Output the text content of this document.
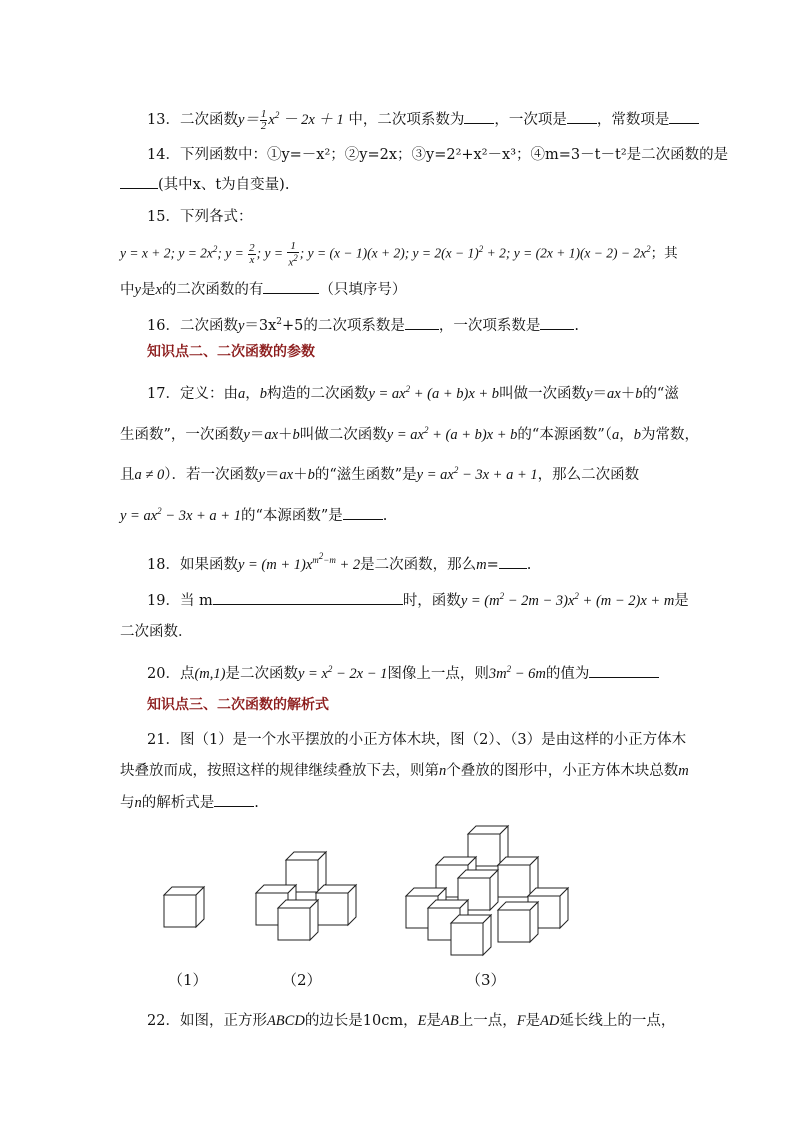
13．二次函数$y= \frac{1}{2} x^2 - 2x + 1$ 中，二次项系数为 ，一次项是 ，常数项是
14．下列函数中：①y=－x²；②y=2x；③y=2²+x²－x³；④m=3－t－t²是二次函数的是
(其中x、t为自变量).
15．下列各式：
y = x + 2; $y = 2x^2$; $y = \frac{2}{x}$ ; $y = \frac{1}{x^2}$ ; y = (x − 1)(x + 2); $y = 2(x - 1)^2 + 2$; $y = (2x + 1)(x - 2) - 2x^2$；其
中y是x的二次函数的有	（只填序号）
16．二次函数$y=3x^2+5$的二次项系数是 ，一次项系数是 .
知识点二、二次函数的参数
17．定义：由a，b构造的二次函数$y = ax^2 + (a + b)x + b$叫做一次函数y＝ax＋b的“滋
生函数”，一次函数y＝ax＋b叫做二次函数$y = ax^2 + (a + b)x + b$的“本源函数”（a，b为常数，
且a ≠ 0）．若一次函数y＝ax＋b的“滋生函数”是$y = ax^2 - 3x + a + 1$，那么二次函数
$y = ax^2 - 3x + a + 1$的“本源函数”是	.
18．如果函数$y = (m + 1)x^{m^2-m} + 2$是二次函数，那么m= .
19．当 m	时，函数$y = (m^2 - 2m - 3)x^2 + (m - 2)x + m$是
二次函数．
20．点(m,1)是二次函数$y = x^2 - 2x - 1$图像上一点，则$3m^2 - 6m$的值为
知识点三、二次函数的解析式
21．图（1）是一个水平摆放的小正方体木块，图（2）、（3）是由这样的小正方体木
块叠放而成，按照这样的规律继续叠放下去，则第n个叠放的图形中，小正方体木块总数m
与n的解析式是	.
（1）	（2）	（3）
22．如图，正方形ABCD的边长是10cm，E是AB上一点，F是AD延长线上的一点，
